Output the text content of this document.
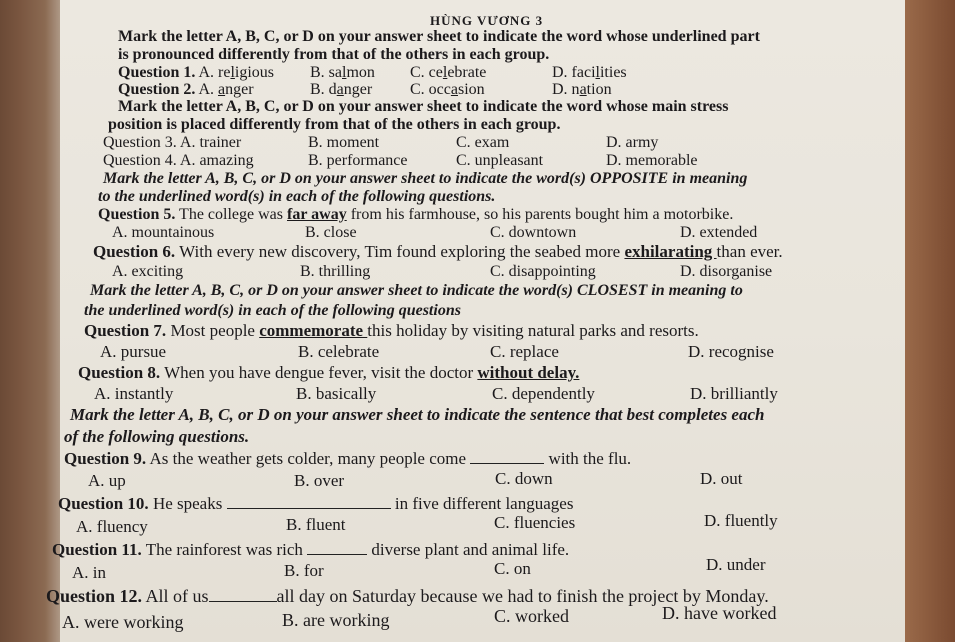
HÙNG VƯƠNG 3
Mark the letter A, B, C, or D on your answer sheet to indicate the word whose underlined part
is pronounced differently from that of the others in each group.
Question 1. A. religious B. salmon C. celebrate	D. facilities
Question 2. A. anger	B. danger C. occasion	D. nation
Mark the letter A, B, C, or D on your answer sheet to indicate the word whose main stress
position is placed differently from that of the others in each group.
Question 3. A. trainer	B. moment	C. exam	D. army
Question 4. A. amazing	B. performance	C. unpleasant	D. memorable
Mark the letter A, B, C, or D on your answer sheet to indicate the word(s) OPPOSITE in meaning
to the underlined word(s) in each of the following questions.
Question 5. The college was far away from his farmhouse, so his parents bought him a motorbike.
A. mountainous	B. close	C. downtown	D. extended
Question 6. With every new discovery, Tim found exploring the seabed more exhilarating than ever.
A. exciting	B. thrilling	C. disappointing	D. disorganise
Mark the letter A, B, C, or D on your answer sheet to indicate the word(s) CLOSEST in meaning to
the underlined word(s) in each of the following questions
Question 7. Most people commemorate this holiday by visiting natural parks and resorts.
A. pursue	B. celebrate	C. replace	D. recognise
Question 8. When you have dengue fever, visit the doctor without delay.
A. instantly	B. basically	C. dependently	D. brilliantly
Mark the letter A, B, C, or D on your answer sheet to indicate the sentence that best completes each
of the following questions.
Question 9. As the weather gets colder, many people come	with the flu.
A. up	B. over	C. down	D. out
Question 10. He speaks	in five different languages
A. fluency	B. fluent	C. fluencies	D. fluently
Question 11. The rainforest was rich	diverse plant and animal life.
A. in	B. for	C. on	D. under
Question 12. All of us	all day on Saturday because we had to finish the project by Monday.
A. were working	B. are working	C. worked	D. have worked
